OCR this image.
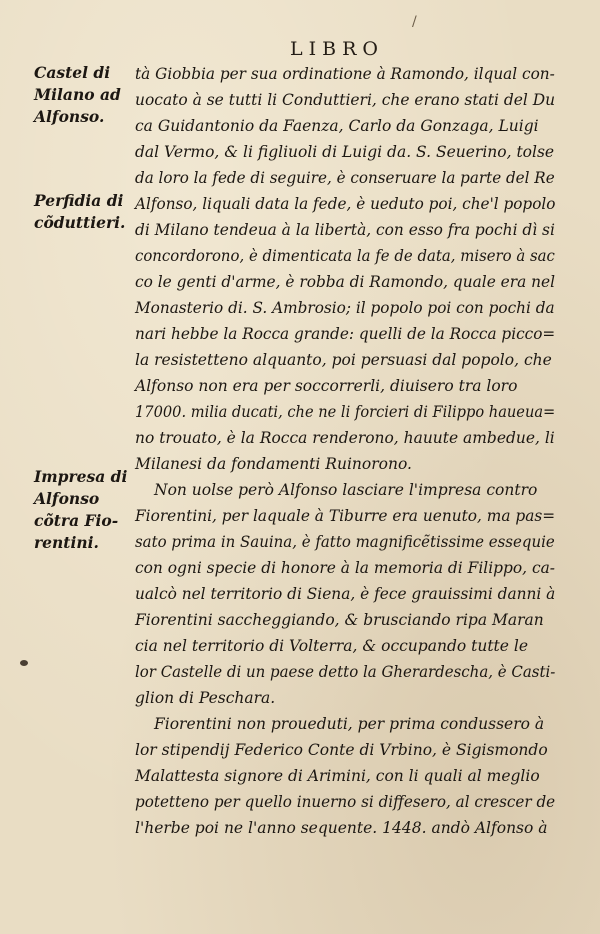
/
LIBRO
Castel di
Milano ad
Alfonso.
Perfidia di
cõduttieri.
Impresa di
Alfonso
cõtra Fio-
rentini.
tà Giobbia per sua ordinatione à Ramondo, ilqual con-
uocato à se tutti li Conduttieri, che erano stati del Du
ca Guidantonio da Faenza, Carlo da Gonzaga, Luigi
dal Vermo, & li figliuoli di Luigi da. S. Seuerino, tolse
da loro la fede di seguire, è conseruare la parte del Re
Alfonso, liquali data la fede, è ueduto poi, che'l popolo
di Milano tendeua à la libertà, con esso fra pochi dì si
concordorono, è dimenticata la fe de data, misero à sac
co le genti d'arme, è robba di Ramondo, quale era nel
Monasterio di. S. Ambrosio; il popolo poi con pochi da
nari hebbe la Rocca grande: quelli de la Rocca picco=
la resistetteno alquanto, poi persuasi dal popolo, che
Alfonso non era per soccorrerli, diuisero tra loro
17000. milia ducati, che ne li forcieri di Filippo haueua=
no trouato, è la Rocca renderono, hauute ambedue, li
Milanesi da fondamenti Ruinorono.
Non uolse però Alfonso lasciare l'impresa contro
Fiorentini, per laquale à Tiburre era uenuto, ma pas=
sato prima in Sauina, è fatto magnificẽtissime essequie
con ogni specie di honore à la memoria di Filippo, ca-
ualcò nel territorio di Siena, è fece grauissimi danni à
Fiorentini saccheggiando, & brusciando ripa Maran
cia nel territorio di Volterra, & occupando tutte le
lor Castelle di un paese detto la Gherardescha, è Casti-
glion di Peschara.
Fiorentini non proueduti, per prima condussero à
lor stipendij Federico Conte di Vrbino, è Sigismondo
Malattesta signore di Arimini, con li quali al meglio
potetteno per quello inuerno si diffesero, al crescer de
l'herbe poi ne l'anno sequente. 1448. andò Alfonso à
